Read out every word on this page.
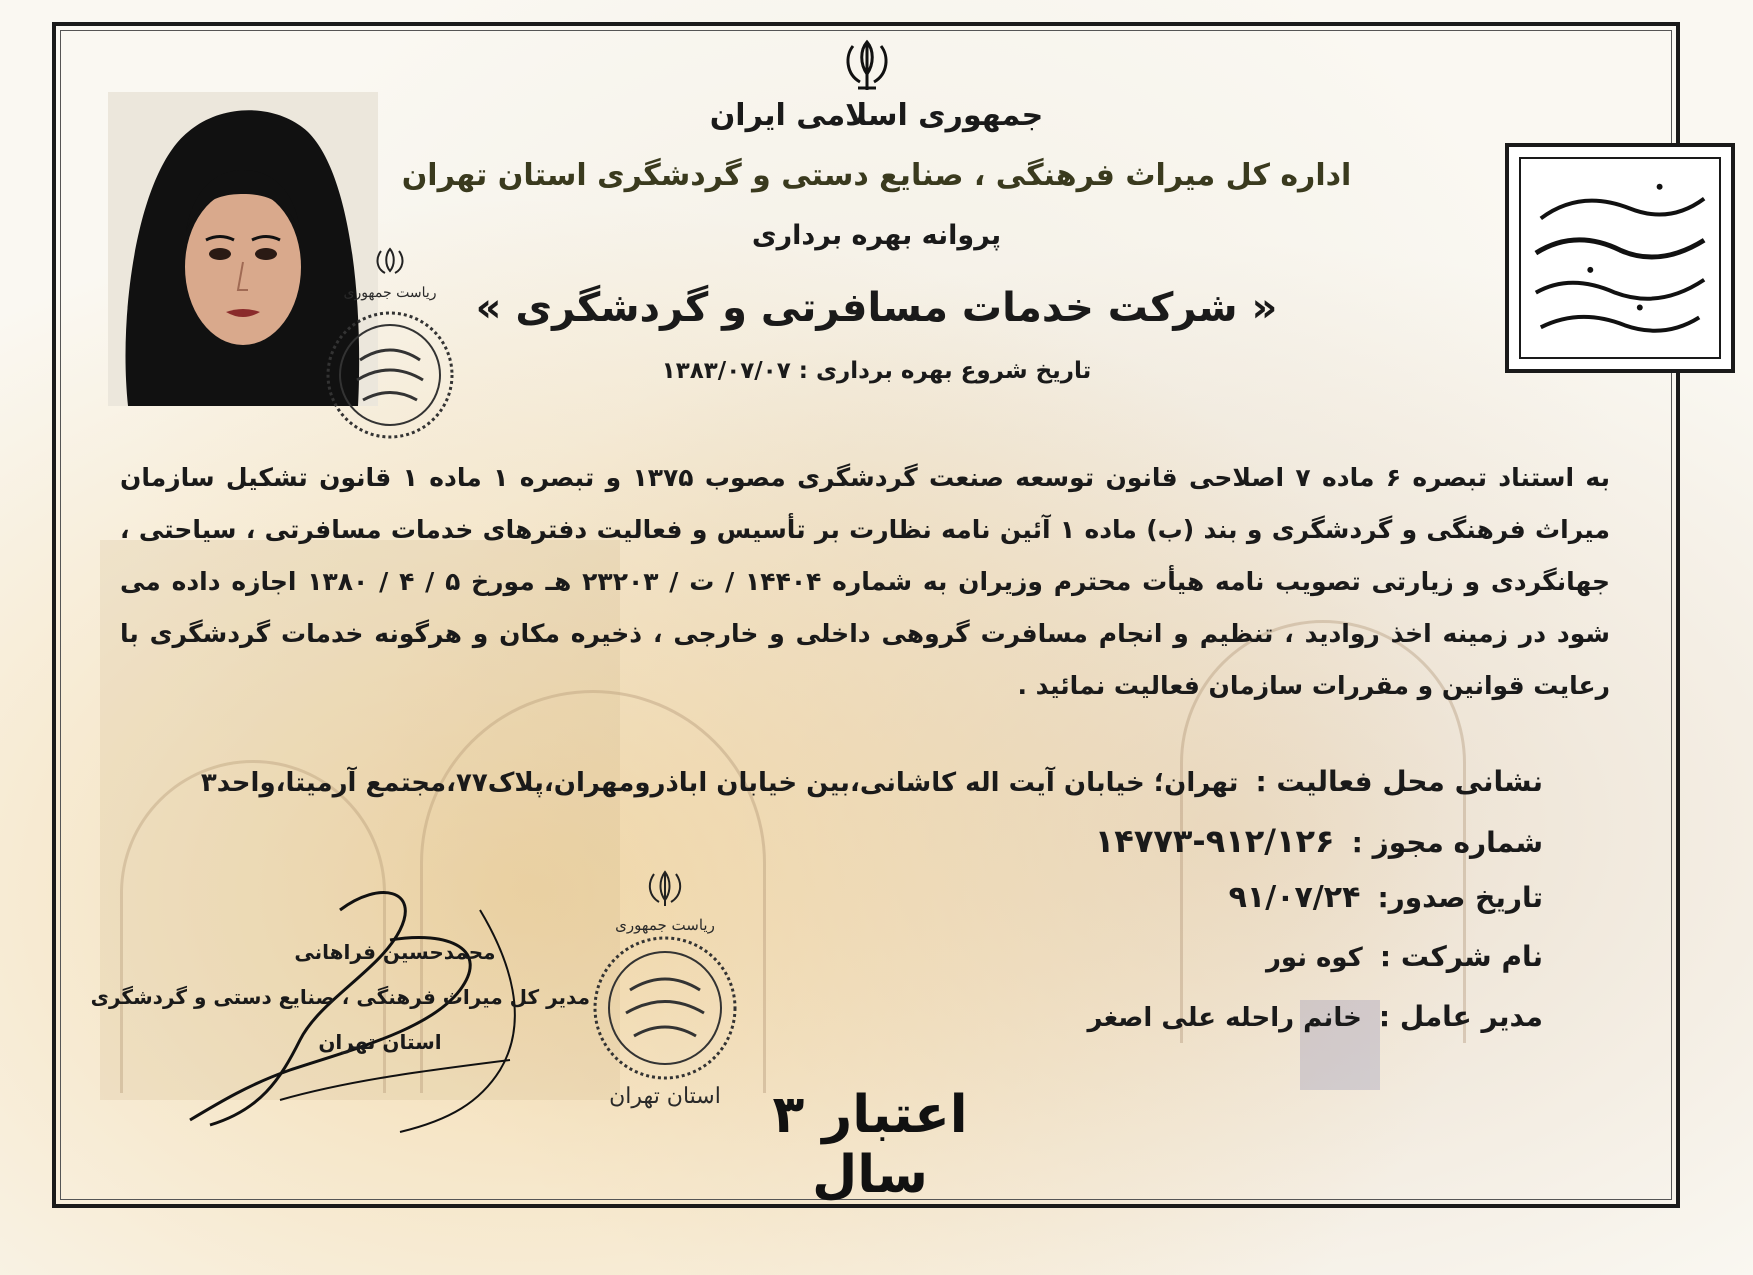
جمهوری اسلامی ایران
اداره کل میراث فرهنگی ، صنایع دستی و گردشگری استان تهران
پروانه بهره برداری
« شرکت خدمات مسافرتی و گردشگری »
تاریخ شروع بهره برداری : ۱۳۸۳/۰۷/۰۷
ریاست جمهوری
به استناد تبصره ۶ ماده ۷ اصلاحی قانون توسعه صنعت گردشگری مصوب ۱۳۷۵ و تبصره ۱ ماده ۱ قانون تشکیل سازمان میراث فرهنگی و گردشگری و بند (ب) ماده ۱ آئین نامه نظارت بر تأسیس و فعالیت دفترهای خدمات مسافرتی ، سیاحتی ، جهانگردی و زیارتی تصویب نامه هیأت محترم وزیران به شماره ۱۴۴۰۴ / ت / ۲۳۲۰۳ هـ مورخ ۵ / ۴ / ۱۳۸۰ اجازه داده می شود در زمینه اخذ روادید ، تنظیم و انجام مسافرت گروهی داخلی و خارجی ، ذخیره مکان و هرگونه خدمات گردشگری با رعایت قوانین و مقررات سازمان فعالیت نمائید .
نشانی محل فعالیت : تهران؛ خیابان آیت اله کاشانی،بین خیابان اباذرومهران،پلاک۷۷،مجتمع آرمیتا،واحد۳
شماره مجوز : ۹۱۲/۱۲۶-۱۴۷۷۳
تاریخ صدور: ۹۱/۰۷/۲۴
نام شرکت : کوه نور
مدیر عامل : خانم راحله علی اصغر
محمدحسین فراهانی
مدیر کل میراث فرهنگی ، صنایع دستی و گردشگری
استان تهران
ریاست جمهوری
استان تهران اعتبار ۳ سال
